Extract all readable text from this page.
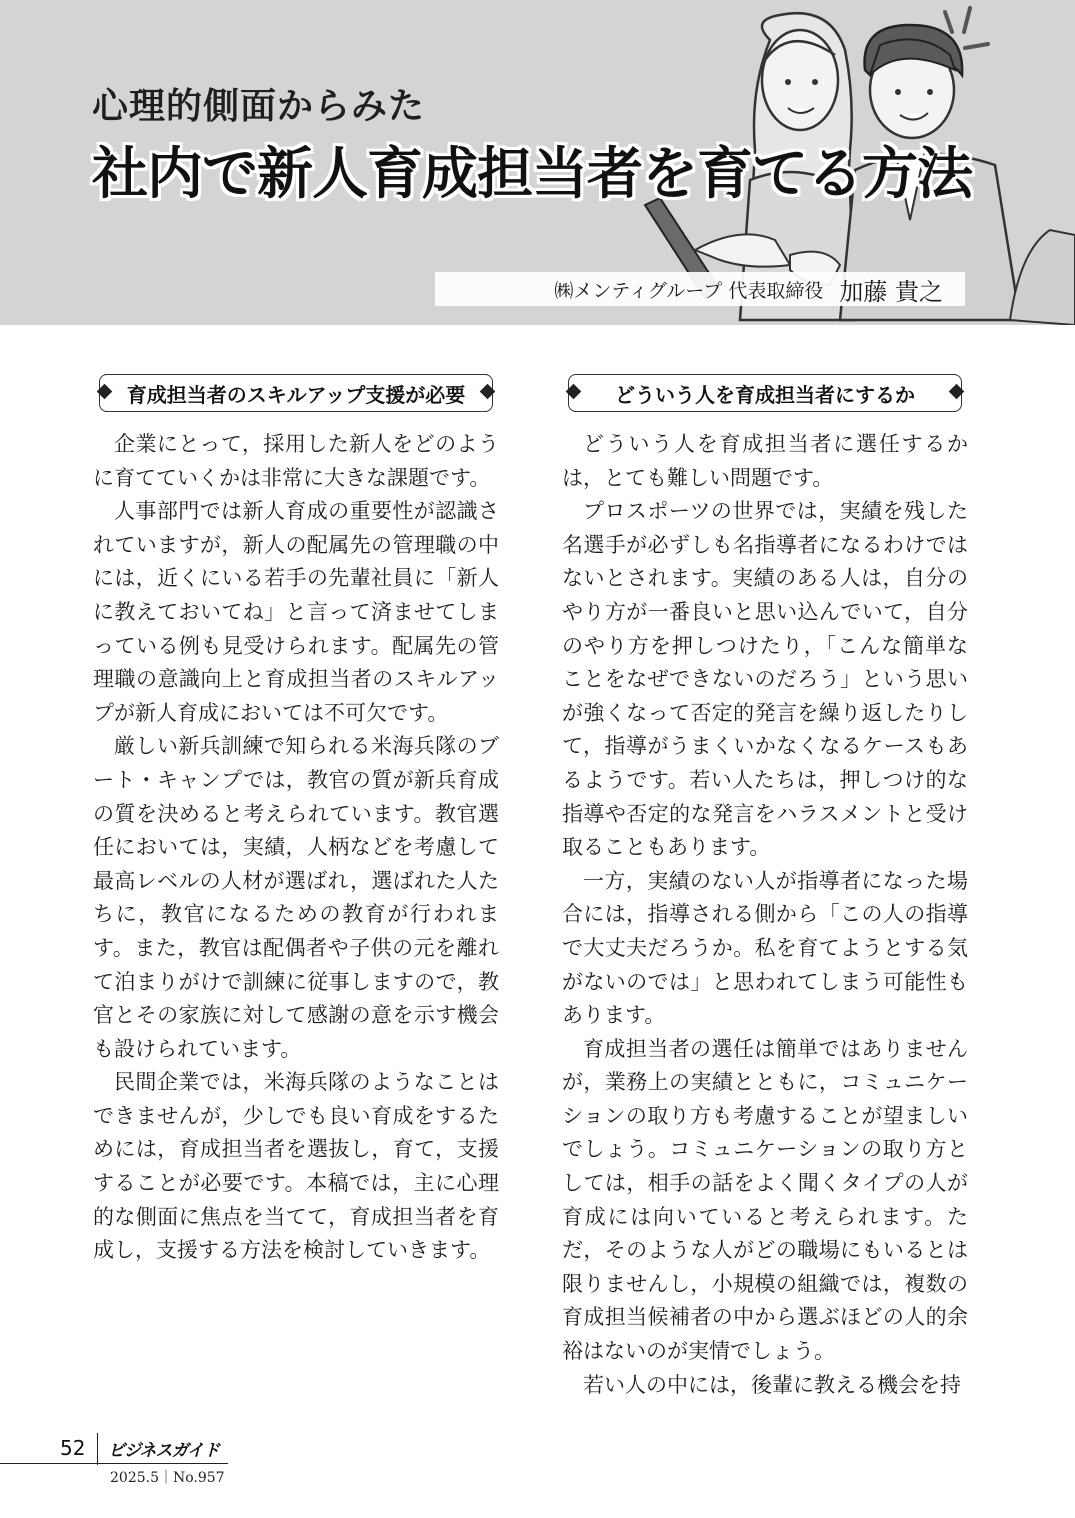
心理的側面からみた
社内で新人育成担当者を育てる方法
㈱メンティグループ 代表取締役 加藤 貴之
育成担当者のスキルアップ支援が必要	どういう人を育成担当者にするか

企業にとって，採用した新人をどのように育てていくかは非常に大きな課題です。

人事部門では新人育成の重要性が認識されていますが，新人の配属先の管理職の中には，近くにいる若手の先輩社員に「新人に教えておいてね」と言って済ませてしまっている例も見受けられます。配属先の管理職の意識向上と育成担当者のスキルアップが新人育成においては不可欠です。

厳しい新兵訓練で知られる米海兵隊のブート・キャンプでは，教官の質が新兵育成の質を決めると考えられています。教官選任においては，実績，人柄などを考慮して最高レベルの人材が選ばれ，選ばれた人たちに，教官になるための教育が行われます。また，教官は配偶者や子供の元を離れて泊まりがけで訓練に従事しますので，教官とその家族に対して感謝の意を示す機会も設けられています。

民間企業では，米海兵隊のようなことはできませんが，少しでも良い育成をするためには，育成担当者を選抜し，育て，支援することが必要です。本稿では，主に心理的な側面に焦点を当てて，育成担当者を育成し，支援する方法を検討していきます。

どういう人を育成担当者に選任するかは，とても難しい問題です。

プロスポーツの世界では，実績を残した名選手が必ずしも名指導者になるわけではないとされます。実績のある人は，自分のやり方が一番良いと思い込んでいて，自分のやり方を押しつけたり，「こんな簡単なことをなぜできないのだろう」という思いが強くなって否定的発言を繰り返したりして，指導がうまくいかなくなるケースもあるようです。若い人たちは，押しつけ的な指導や否定的な発言をハラスメントと受け取ることもあります。

一方，実績のない人が指導者になった場合には，指導される側から「この人の指導で大丈夫だろうか。私を育てようとする気がないのでは」と思われてしまう可能性もあります。

育成担当者の選任は簡単ではありませんが，業務上の実績とともに，コミュニケーションの取り方も考慮することが望ましいでしょう。コミュニケーションの取り方としては，相手の話をよく聞くタイプの人が育成には向いていると考えられます。ただ，そのような人がどの職場にもいるとは限りませんし，小規模の組織では，複数の育成担当候補者の中から選ぶほどの人的余裕はないのが実情でしょう。

若い人の中には，後輩に教える機会を持

52 ビジネスガイド
2025.5｜No.957
